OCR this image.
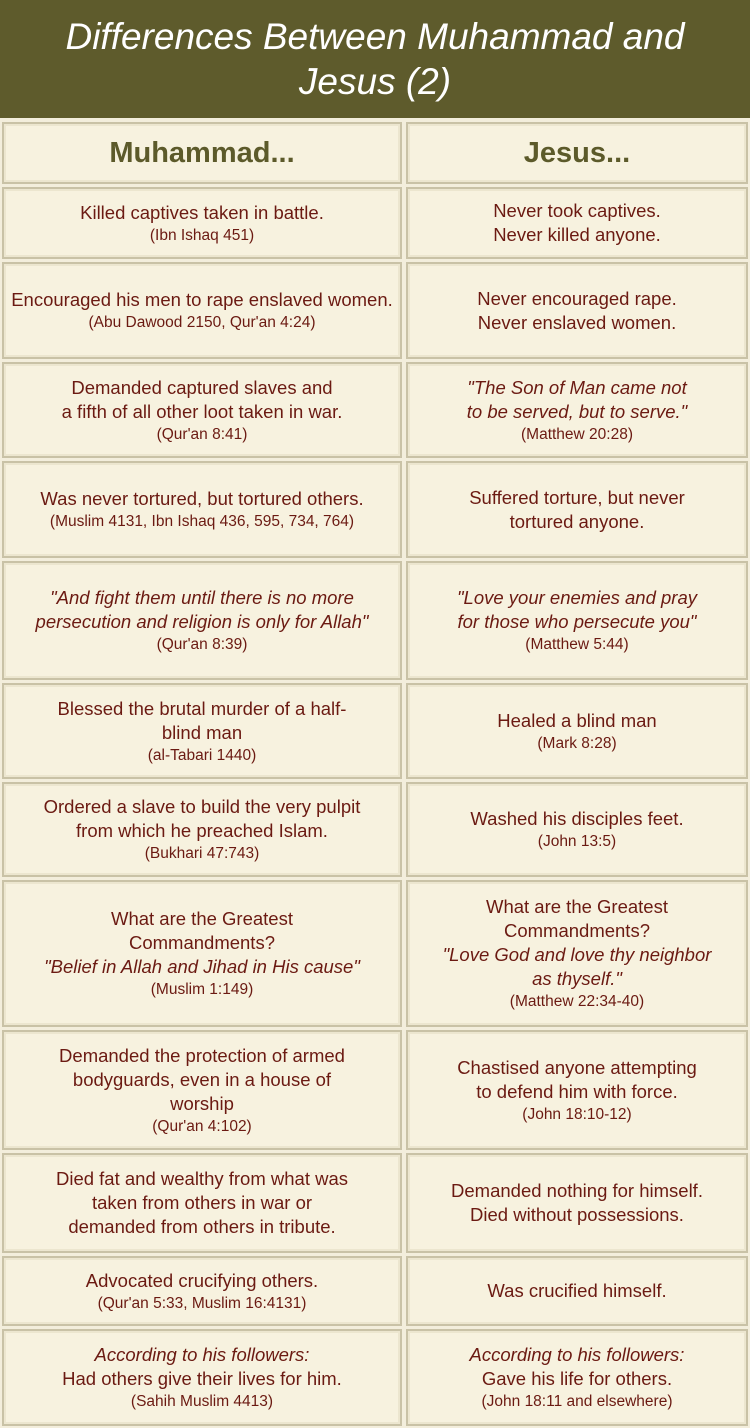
Differences Between Muhammad and
Jesus (2)
Muhammad...	Jesus...
Killed captives taken in battle.
(Ibn Ishaq 451)
Never took captives.
Never killed anyone.
Encouraged his men to rape enslaved women.
(Abu Dawood 2150, Qur'an 4:24)
Never encouraged rape.
Never enslaved women.
Demanded captured slaves and
a fifth of all other loot taken in war.
(Qur'an 8:41)
"The Son of Man came not
to be served, but to serve."
(Matthew 20:28)
Was never tortured, but tortured others.
(Muslim 4131, Ibn Ishaq 436, 595, 734, 764)
Suffered torture, but never
tortured anyone.
"And fight them until there is no more persecution and religion is only for Allah"
(Qur'an 8:39)
"Love your enemies and pray
for those who persecute you"
(Matthew 5:44)
Blessed the brutal murder of a half-
blind man
(al-Tabari 1440)
Healed a blind man
(Mark 8:28)
Ordered a slave to build the very pulpit
from which he preached Islam.
(Bukhari 47:743)
Washed his disciples feet.
(John 13:5)
What are the Greatest
Commandments?
"Belief in Allah and Jihad in His cause"
(Muslim 1:149)
What are the Greatest
Commandments?
"Love God and love thy neighbor
as thyself."
(Matthew 22:34-40)
Demanded the protection of armed
bodyguards, even in a house of
worship
(Qur'an 4:102)
Chastised anyone attempting
to defend him with force.
(John 18:10-12)
Died fat and wealthy from what was
taken from others in war or
demanded from others in tribute.
Demanded nothing for himself.
Died without possessions.
Advocated crucifying others.
(Qur'an 5:33, Muslim 16:4131)
Was crucified himself.
According to his followers:
Had others give their lives for him.
(Sahih Muslim 4413)
According to his followers:
Gave his life for others.
(John 18:11 and elsewhere)
